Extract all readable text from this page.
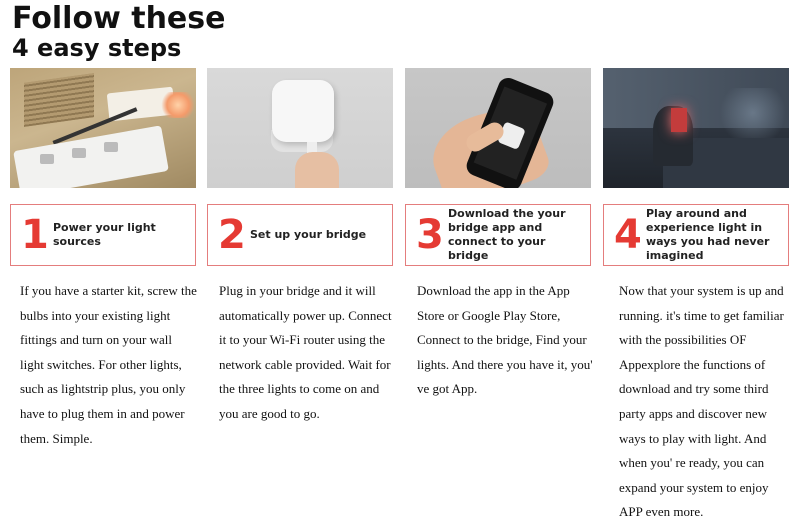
Follow these
4 easy steps
1 Power your light sources
If you have a starter kit, screw the bulbs into your existing light fittings and turn on your wall light switches. For other lights, such as lightstrip plus, you only have to plug them in and power them. Simple.
2 Set up your bridge
Plug in your bridge and it will automatically power up. Connect it to your Wi-Fi router using the network cable provided. Wait for the three lights to come on and you are good to go.
3 Download the your bridge app and connect to your bridge
Download the app in the App Store or Google Play Store, Connect to the bridge, Find your lights. And there you have it, you' ve got App.
4 Play around and experience light in ways you had never imagined
Now that your system is up and running. it's time to get familiar with the possibilities OF Appexplore the functions of download and try some third party apps and discover new ways to play with light. And when you' re ready, you can expand your system to enjoy APP even more.
